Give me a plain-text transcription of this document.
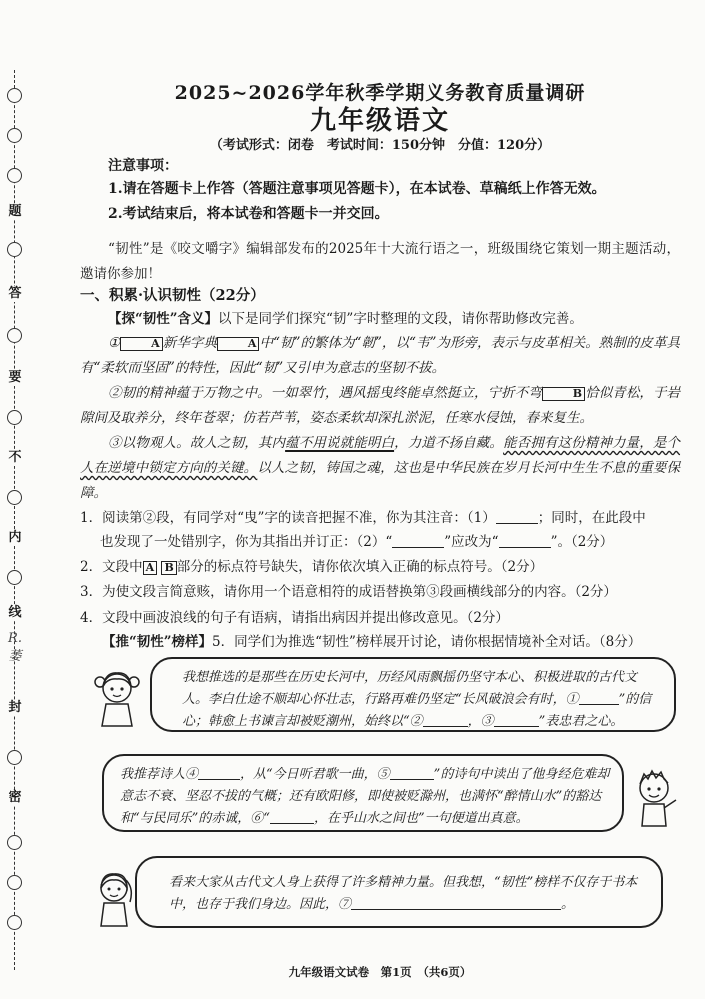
题
答
要
不
内
线
R.萎
封
密
2025~2026学年秋季学期义务教育质量调研
九年级语文
（考试形式：闭卷　考试时间：150分钟　分值：120分）
注意事项：
1.请在答题卡上作答（答题注意事项见答题卡），在本试卷、草稿纸上作答无效。
2.考试结束后，将本试卷和答题卡一并交回。
“韧性”是《咬文嚼字》编辑部发布的2025年十大流行语之一，班级围绕它策划一期主题活动，邀请你参加！
一、积累·认识韧性（22分）
【探“韧性”含义】以下是同学们探究“韧”字时整理的文段，请你帮助修改完善。
①	A 新华字典	A 中“韧”的繁体为“韌”，以“韦”为形旁，表示与皮革相关。熟制的皮革具有“柔软而坚固”的特性，因此“韧”又引申为意志的坚韧不拔。
②韧的精神蕴于万物之中。一如翠竹，遇风摇曳终能卓然挺立，宁折不弯	B 恰似青松，于岩隙间及取养分，终年苍翠；仿若芦苇，姿态柔软却深扎淤泥，任寒水侵蚀，春来复生。
③以物观人。故人之韧，其内蕴不用说就能明白，力道不扬自藏。能否拥有这份精神力量，是个人在逆境中锁定方向的关键。以人之韧，铸国之魂，这也是中华民族在岁月长河中生生不息的重要保障。
1．阅读第②段，有同学对“曳”字的读音把握不准，你为其注音：（1）	；同时，在此段中
也发现了一处错别字，你为其指出并订正：（2）“	”应改为“	”。（2分）
2．文段中 A B 部分的标点符号缺失，请你依次填入正确的标点符号。（2分）
3．为使文段言简意赅，请你用一个语意相符的成语替换第③段画横线部分的内容。（2分）
4．文段中画波浪线的句子有语病，请指出病因并提出修改意见。（2分）
【推“韧性”榜样】5．同学们为推选“韧性”榜样展开讨论，请你根据情境补全对话。（8分）
我想推选的是那些在历史长河中，历经风雨飘摇仍坚守本心、积极进取的古代文人。李白仕途不顺却心怀壮志，行路再难仍坚定“长风破浪会有时，①	”的信心；韩愈上书谏言却被贬潮州，始终以“②	，③	”表忠君之心。
我推荐诗人④	，从“今日听君歌一曲，⑤	”的诗句中读出了他身经危难却意志不衰、坚忍不拔的气概；还有欧阳修，即使被贬滁州，也满怀“醉情山水”的豁达和“与民同乐”的赤诚，⑥“	，在乎山水之间也”一句便道出真意。
看来大家从古代文人身上获得了许多精神力量。但我想，“韧性”榜样不仅存于书本中，也存于我们身边。因此，⑦	。
九年级语文试卷　第1页　（共6页）
